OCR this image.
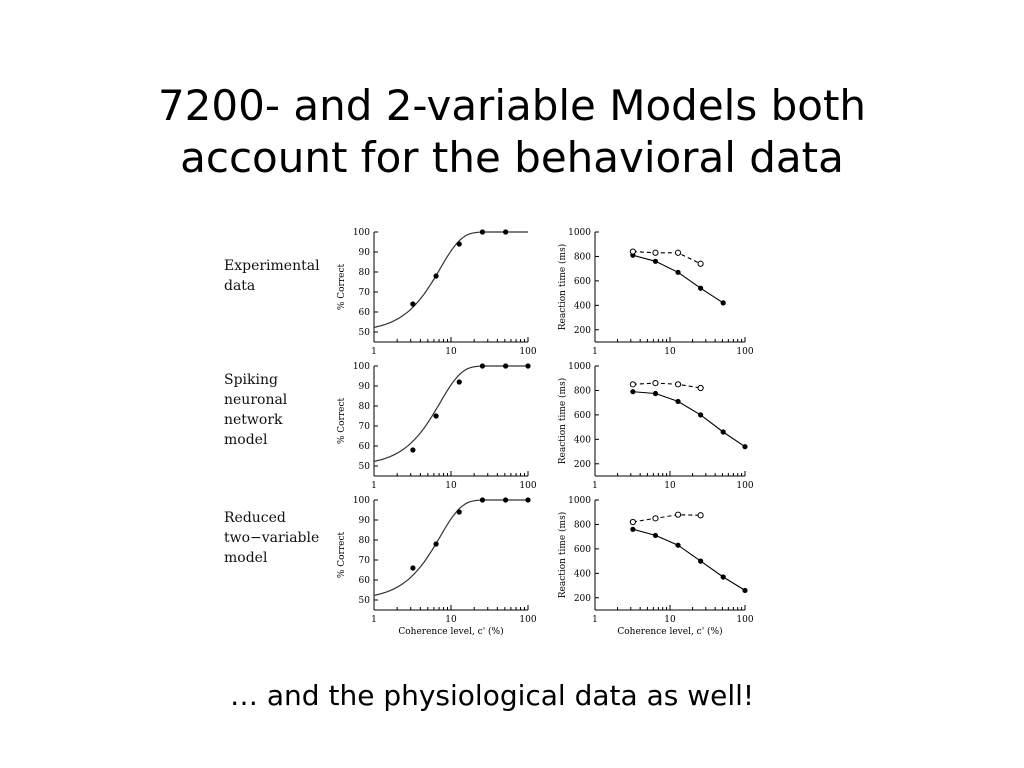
7200- and 2-variable Models both
account for the behavioral data
Experimental
data
Spiking
neuronal
network
model
Reduced
two−variable
model
50
60
70
80
90
100
1	10	100
% Correct
200
400
600
800
1000
1	10	100
Reaction time (ms)
50
60
70
80
90
100
1	10	100
% Correct
200
400
600
800
1000
1	10	100
Reaction time (ms)
50
60
70
80
90
100
1	10	100
% Correct
Coherence level, c' (%)
200
400
600
800
1000
1	10	100
Reaction time (ms)
Coherence level, c' (%)
… and the physiological data as well!
